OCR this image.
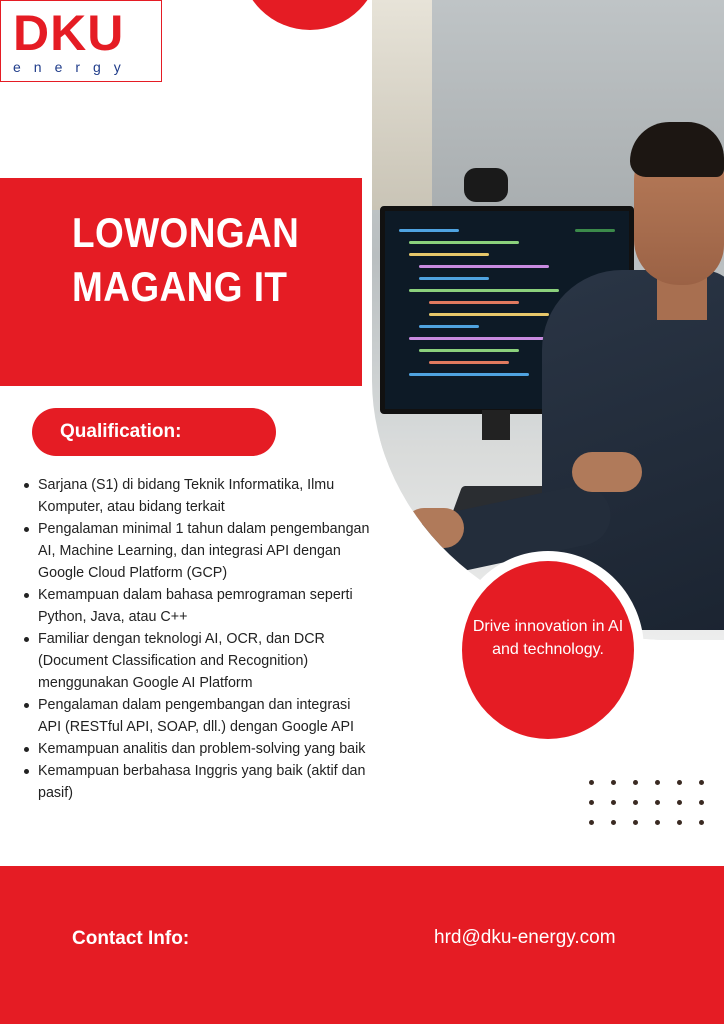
DKU
energy
LOWONGAN
MAGANG IT
Qualification:
Sarjana (S1) di bidang Teknik Informatika, Ilmu Komputer, atau bidang terkait
Pengalaman minimal 1 tahun dalam pengembangan AI, Machine Learning, dan integrasi API dengan Google Cloud Platform (GCP)
Kemampuan dalam bahasa pemrograman seperti Python, Java, atau C++
Familiar dengan teknologi AI, OCR, dan DCR (Document Classification and Recognition) menggunakan Google AI Platform
Pengalaman dalam pengembangan dan integrasi API (RESTful API, SOAP, dll.) dengan Google API
Kemampuan analitis dan problem-solving yang baik
Kemampuan berbahasa Inggris yang baik (aktif dan pasif)
Drive innovation in AI and technology.
Contact Info:	hrd@dku-energy.com
